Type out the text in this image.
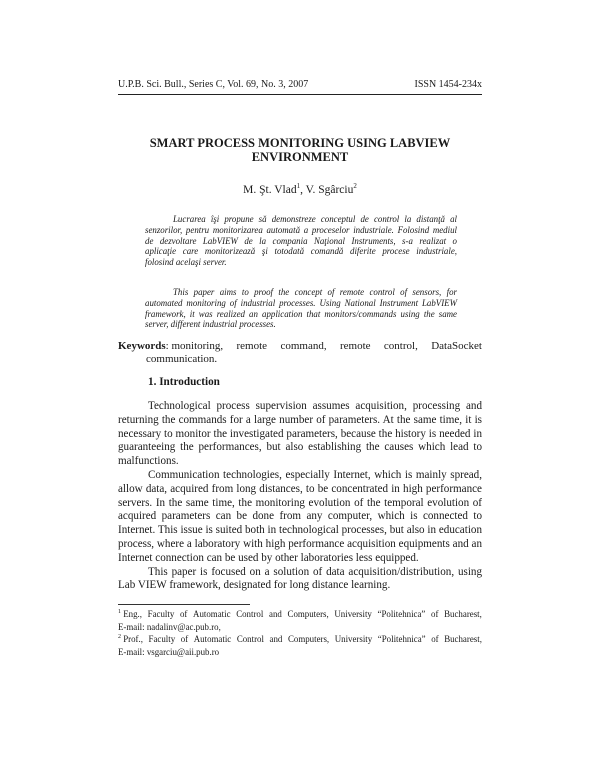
U.P.B. Sci. Bull., Series C, Vol. 69, No. 3, 2007	ISSN 1454-234x
SMART PROCESS MONITORING USING LABVIEW
ENVIRONMENT
M. Şt. Vlad$^1$, V. Sgârciu$^2$
Lucrarea îşi propune să demonstreze conceptul de control la distanţă al
senzorilor, pentru monitorizarea automată a proceselor industriale. Folosind mediul
de dezvoltare LabVIEW de la compania Naţional Instruments, s-a realizat o
aplicaţie care monitorizează şi totodată comandă diferite procese industriale,
folosind acelaşi server.
This paper aims to proof the concept of remote control of sensors, for
automated monitoring of industrial processes. Using National Instrument LabVIEW
framework, it was realized an application that monitors/commands using the same
server, different industrial processes.
Keywords: monitoring, remote command, remote control, DataSocket
communication.
1. Introduction
Technological process supervision assumes acquisition, processing and
returning the commands for a large number of parameters. At the same time, it is
necessary to monitor the investigated parameters, because the history is needed in
guaranteeing the performances, but also establishing the causes which lead to
malfunctions.
Communication technologies, especially Internet, which is mainly spread,
allow data, acquired from long distances, to be concentrated in high performance
servers. In the same time, the monitoring evolution of the temporal evolution of
acquired parameters can be done from any computer, which is connected to
Internet. This issue is suited both in technological processes, but also in education
process, where a laboratory with high performance acquisition equipments and an
Internet connection can be used by other laboratories less equipped.
This paper is focused on a solution of data acquisition/distribution, using
Lab VIEW framework, designated for long distance learning.
$^1$ Eng., Faculty of Automatic Control and Computers, University “Politehnica” of Bucharest,
E-mail: nadalinv@ac.pub.ro,
$^2$ Prof., Faculty of Automatic Control and Computers, University “Politehnica” of Bucharest,
E-mail: vsgarciu@aii.pub.ro
